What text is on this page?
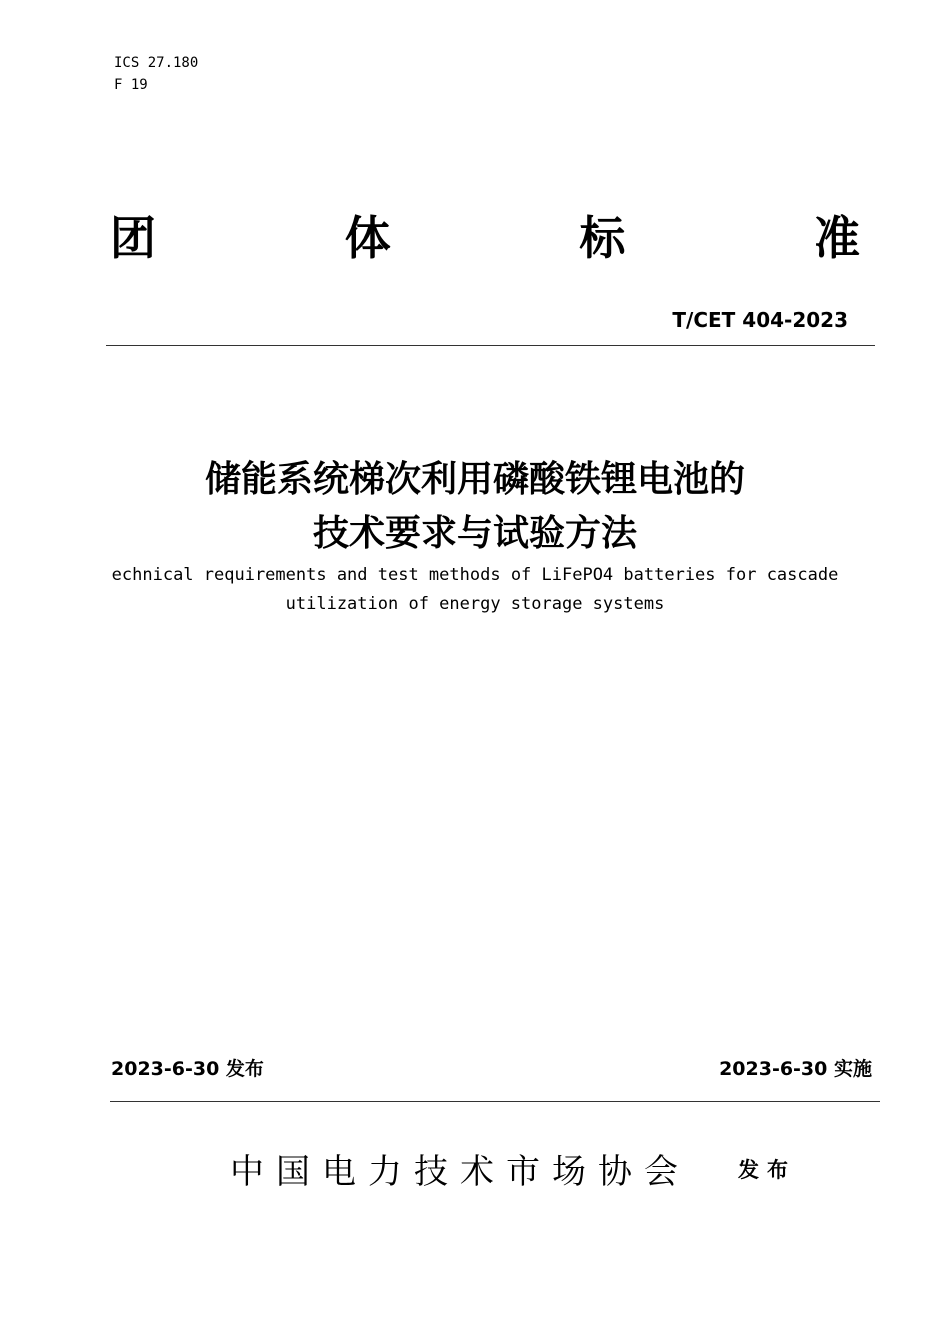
ICS 27.180
F 19
团	体	标	准
T/CET 404-2023
储能系统梯次利用磷酸铁锂电池的
技术要求与试验方法
echnical requirements and test methods of LiFePO4 batteries for cascade
utilization of energy storage systems
2023-6-30 发布	2023-6-30 实施
中国电力技术市场协会 发布
